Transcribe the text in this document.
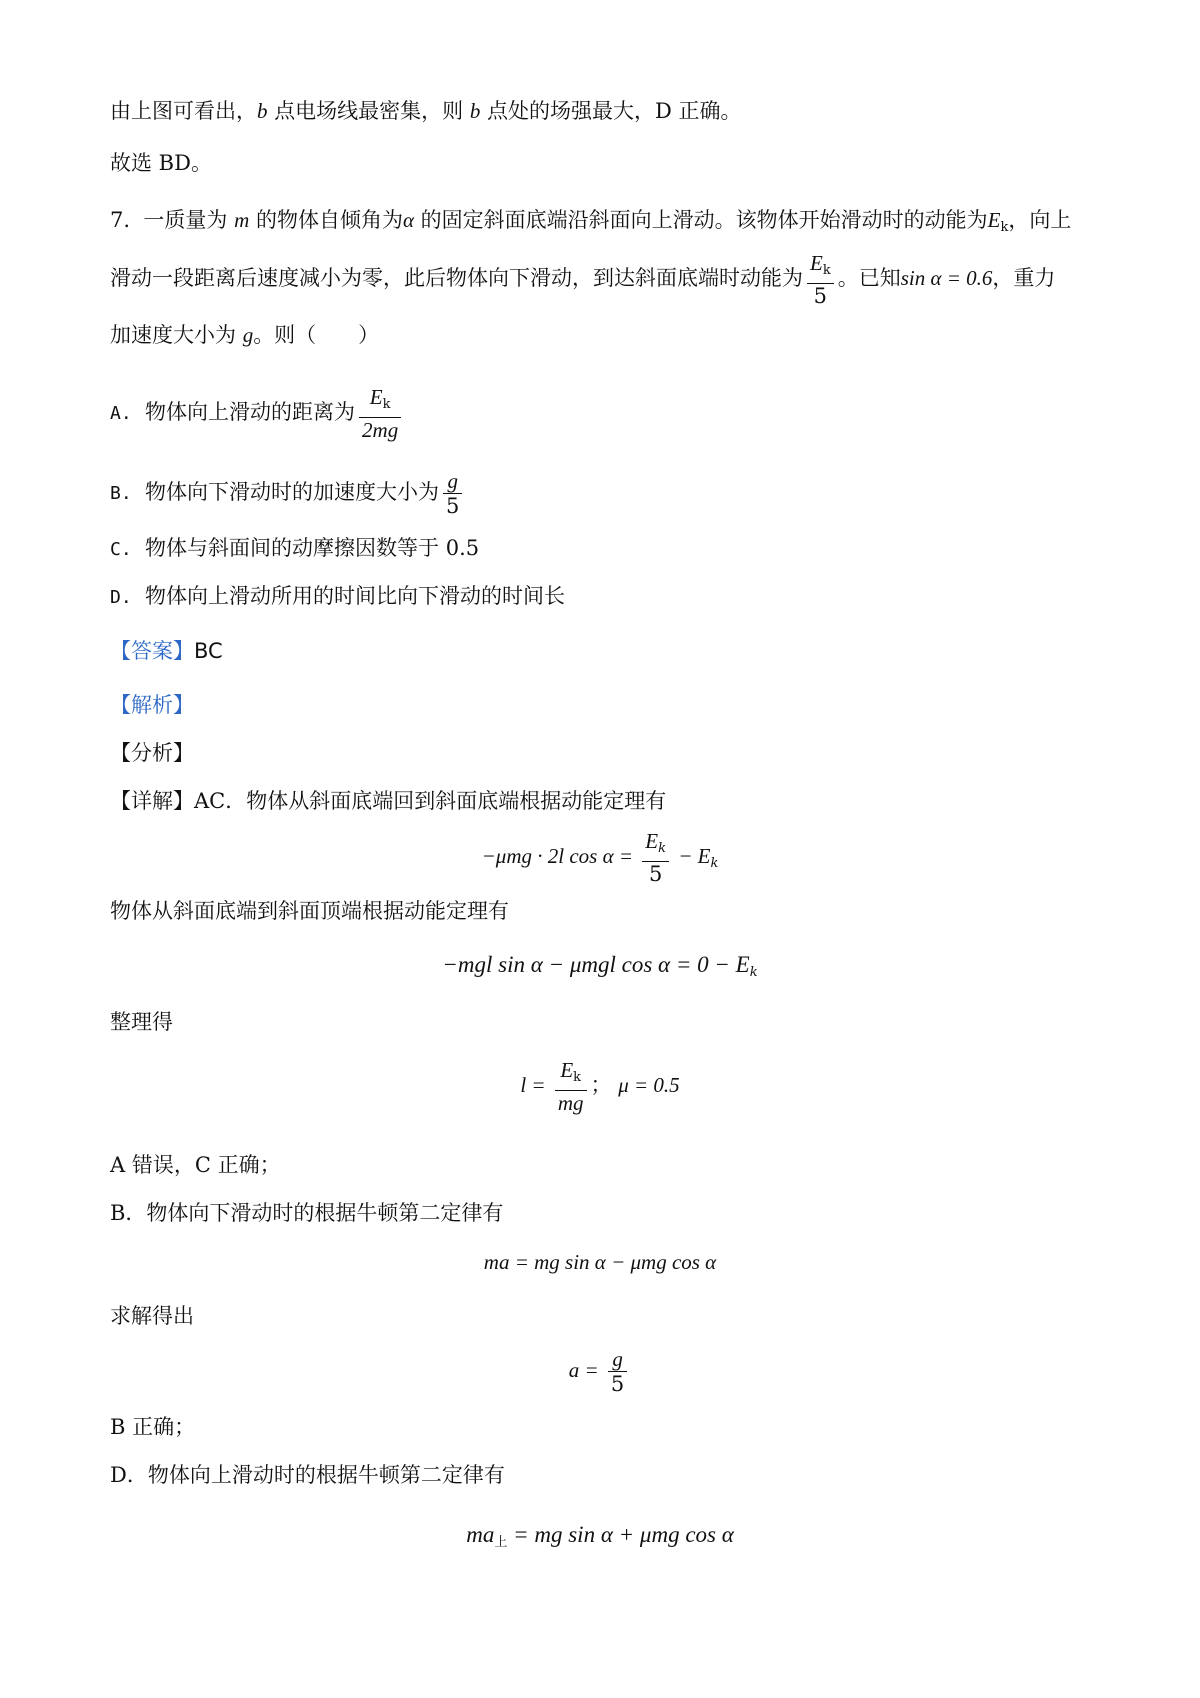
由上图可看出，b 点电场线最密集，则 b 点处的场强最大，D 正确。
故选 BD。
7. 一质量为 m 的物体自倾角为α 的固定斜面底端沿斜面向上滑动。该物体开始滑动时的动能为$E_k$，向上
滑动一段距离后速度减小为零，此后物体向下滑动，到达斜面底端时动能为 $\frac{E_k}{5}$ 。已知sin α = 0.6，重力
加速度大小为 g。则（　　）
A. 物体向上滑动的距离为 $\frac{E_k}{2mg}$
B. 物体向下滑动时的加速度大小为 $\frac{g}{5}$
C. 物体与斜面间的动摩擦因数等于 0.5
D. 物体向上滑动所用的时间比向下滑动的时间长
【答案】BC
【解析】
【分析】
【详解】AC．物体从斜面底端回到斜面底端根据动能定理有
−μmg · 2l $\cos \alpha = \frac{Ek}{5} - Ek$
物体从斜面底端到斜面顶端根据动能定理有
−mgl sin α − μmgl cos α = 0 − Ek
整理得
$l = \frac{E_k}{mg}$ ； μ = 0.5
A 错误，C 正确；
B．物体向下滑动时的根据牛顿第二定律有
ma = mg sin α − μmg cos α
求解得出
$a = \frac{g}{5}$
B 正确；
D．物体向上滑动时的根据牛顿第二定律有
$ma_上$ = mg sin α + μmg cos α
